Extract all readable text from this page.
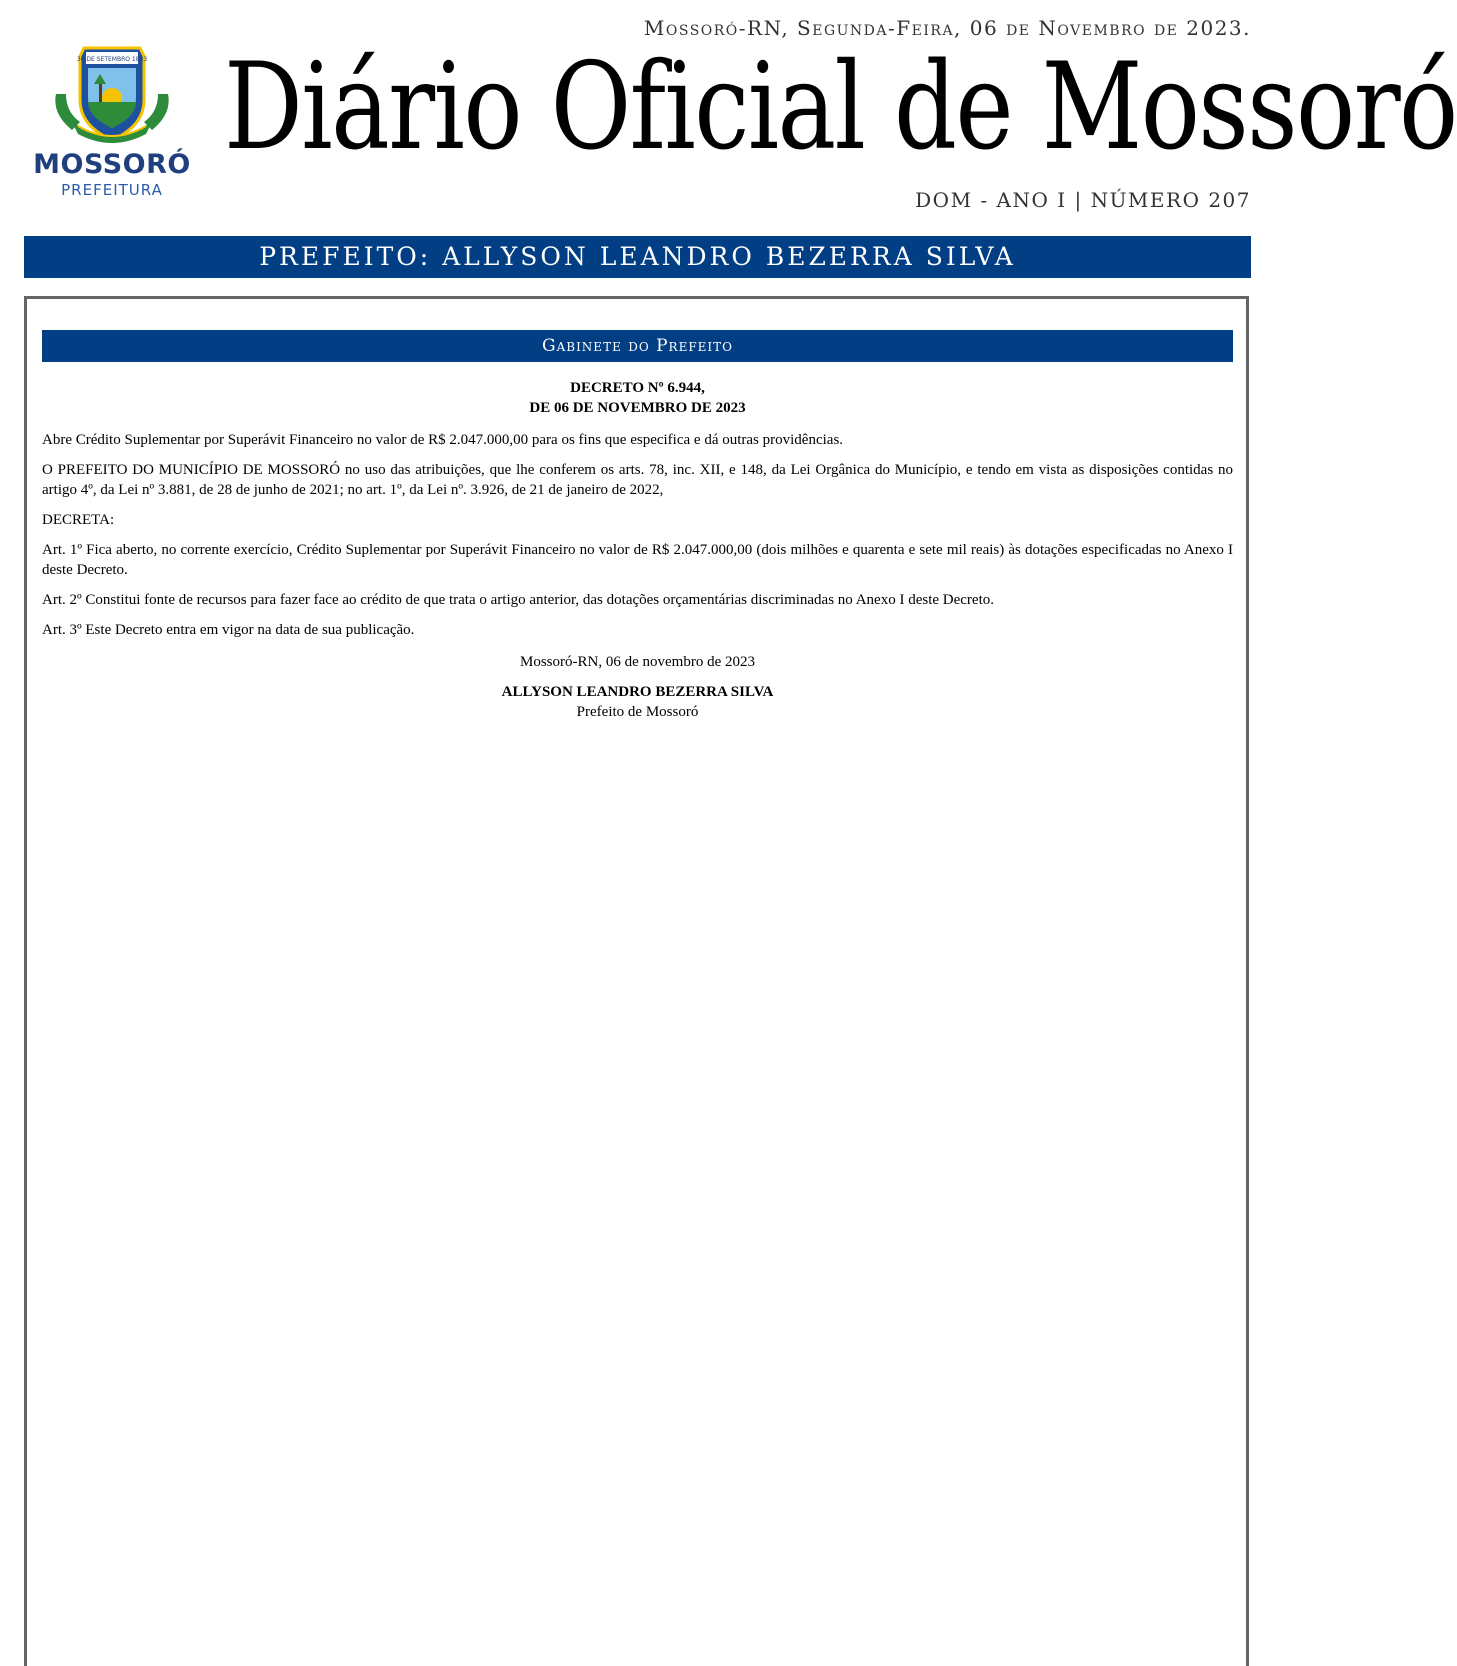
30 DE SETEMBRO 1883
MOSSORÓ
PREFEITURA
Mossoró-RN, Segunda-Feira, 06 de Novembro de 2023.
Diário Oficial de Mossoró
DOM - ANO I | NÚMERO 207
PREFEITO: ALLYSON LEANDRO BEZERRA SILVA
Gabinete do Prefeito
DECRETO Nº 6.944,
DE 06 DE NOVEMBRO DE 2023
Abre Crédito Suplementar por Superávit Financeiro no valor de R$ 2.047.000,00 para os fins que especifica e dá outras providências.
O PREFEITO DO MUNICÍPIO DE MOSSORÓ no uso das atribuições, que lhe conferem os arts. 78, inc. XII, e 148, da Lei Orgânica do Município, e tendo em vista as disposições contidas no artigo 4º, da Lei nº 3.881, de 28 de junho de 2021; no art. 1º, da Lei nº. 3.926, de 21 de janeiro de 2022,
DECRETA:
Art. 1º Fica aberto, no corrente exercício, Crédito Suplementar por Superávit Financeiro no valor de R$ 2.047.000,00 (dois milhões e quarenta e sete mil reais) às dotações especificadas no Anexo I deste Decreto.
Art. 2º Constitui fonte de recursos para fazer face ao crédito de que trata o artigo anterior, das dotações orçamentárias discriminadas no Anexo I deste Decreto.
Art. 3º Este Decreto entra em vigor na data de sua publicação.
Mossoró-RN, 06 de novembro de 2023
ALLYSON LEANDRO BEZERRA SILVA
Prefeito de Mossoró
